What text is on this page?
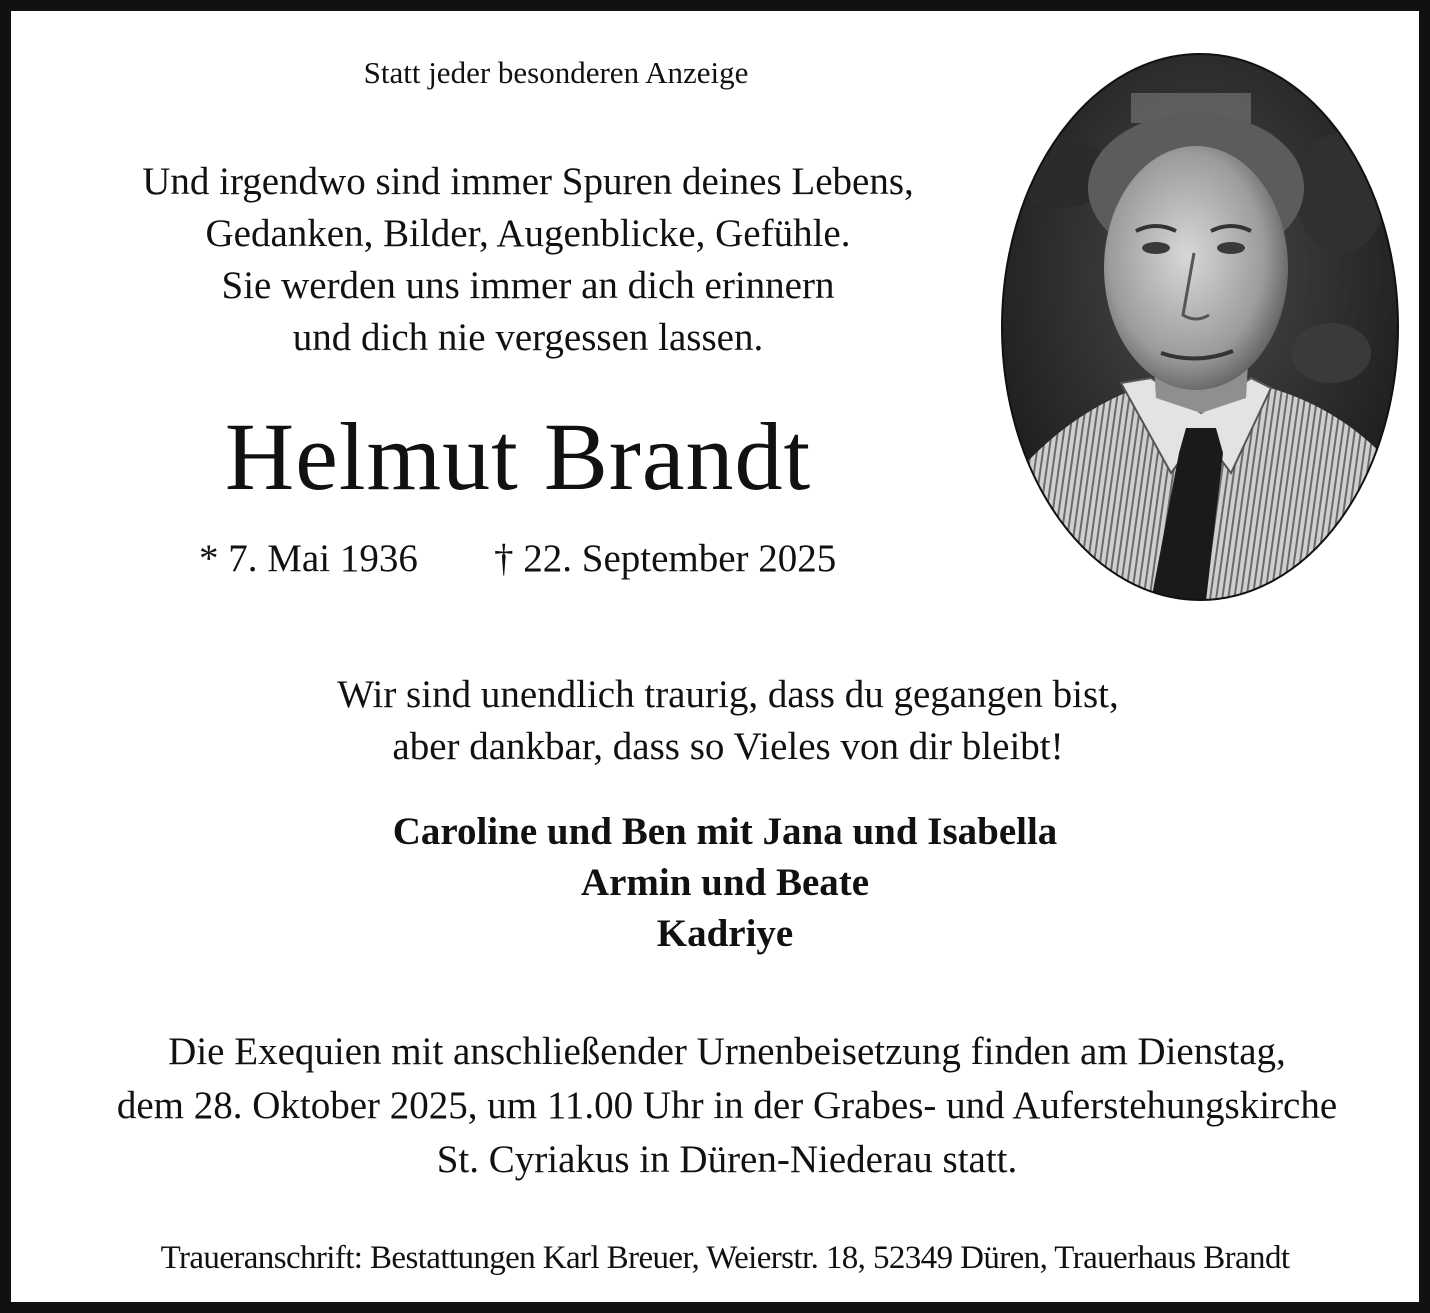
Statt jeder besonderen Anzeige
Und irgendwo sind immer Spuren deines Lebens,
Gedanken, Bilder, Augenblicke, Gefühle.
Sie werden uns immer an dich erinnern
und dich nie vergessen lassen.
Helmut Brandt
* 7. Mai 1936 † 22. September 2025
Wir sind unendlich traurig, dass du gegangen bist,
aber dankbar, dass so Vieles von dir bleibt!
Caroline und Ben mit Jana und Isabella
Armin und Beate
Kadriye
Die Exequien mit anschließender Urnenbeisetzung finden am Dienstag,
dem 28. Oktober 2025, um 11.00 Uhr in der Grabes- und Auferstehungskirche
St. Cyriakus in Düren-Niederau statt.
Traueranschrift: Bestattungen Karl Breuer, Weierstr. 18, 52349 Düren, Trauerhaus Brandt
